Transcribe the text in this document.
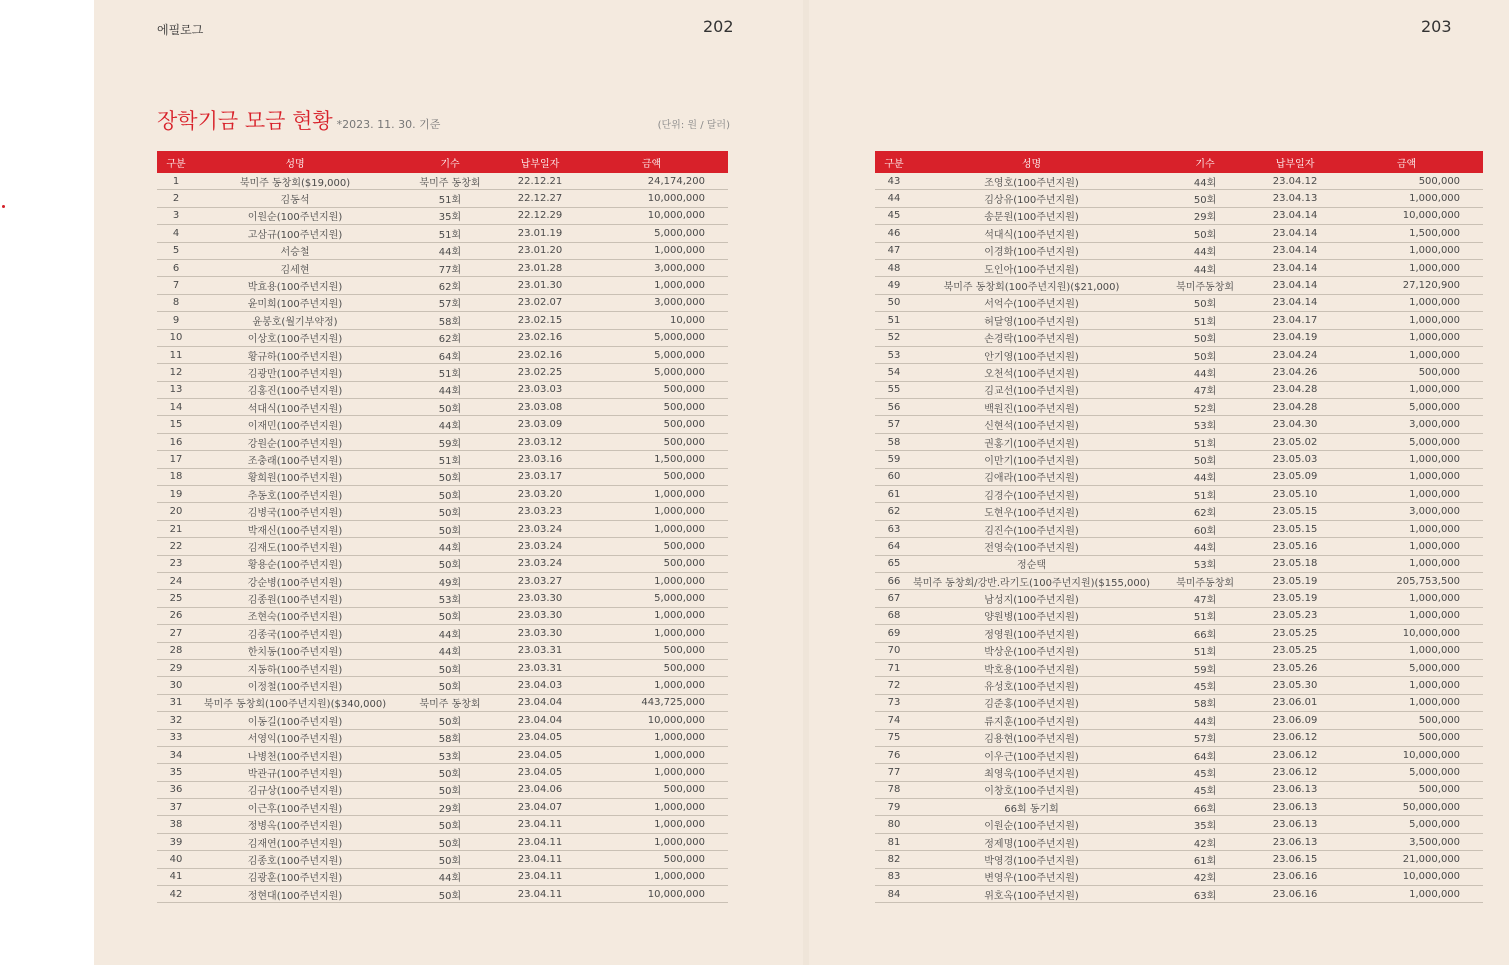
에필로그	202	203
장학기금 모금 현황 *2023. 11. 30. 기준	(단위: 원 / 달러)
구분	성명	기수	납부일자	금액
1	북미주 동창회($19,000)	북미주 동창회	22.12.21	24,174,200
2	김동석	51회	22.12.27	10,000,000
3	이원순(100주년지원)	35회	22.12.29	10,000,000
4	고삼규(100주년지원)	51회	23.01.19	5,000,000
5	서승철	44회	23.01.20	1,000,000
6	김세현	77회	23.01.28	3,000,000
7	박효용(100주년지원)	62회	23.01.30	1,000,000
8	윤미희(100주년지원)	57회	23.02.07	3,000,000
9	윤봉호(월기부약정)	58회	23.02.15	10,000
10	이상호(100주년지원)	62회	23.02.16	5,000,000
11	황규하(100주년지원)	64회	23.02.16	5,000,000
12	김광만(100주년지원)	51회	23.02.25	5,000,000
13	김홍진(100주년지원)	44회	23.03.03	500,000
14	석대식(100주년지원)	50회	23.03.08	500,000
15	이재민(100주년지원)	44회	23.03.09	500,000
16	강원순(100주년지원)	59회	23.03.12	500,000
17	조충래(100주년지원)	51회	23.03.16	1,500,000
18	황희원(100주년지원)	50회	23.03.17	500,000
19	추동호(100주년지원)	50회	23.03.20	1,000,000
20	김병국(100주년지원)	50회	23.03.23	1,000,000
21	박재신(100주년지원)	50회	23.03.24	1,000,000
22	김재도(100주년지원)	44회	23.03.24	500,000
23	황용순(100주년지원)	50회	23.03.24	500,000
24	강순병(100주년지원)	49회	23.03.27	1,000,000
25	김종원(100주년지원)	53회	23.03.30	5,000,000
26	조현숙(100주년지원)	50회	23.03.30	1,000,000
27	김종국(100주년지원)	44회	23.03.30	1,000,000
28	한치동(100주년지원)	44회	23.03.31	500,000
29	지동하(100주년지원)	50회	23.03.31	500,000
30	이정철(100주년지원)	50회	23.04.03	1,000,000
31	북미주 동창회(100주년지원)($340,000)	북미주 동창회	23.04.04	443,725,000
32	이동길(100주년지원)	50회	23.04.04	10,000,000
33	서영익(100주년지원)	58회	23.04.05	1,000,000
34	나병천(100주년지원)	53회	23.04.05	1,000,000
35	박관규(100주년지원)	50회	23.04.05	1,000,000
36	김규상(100주년지원)	50회	23.04.06	500,000
37	이근후(100주년지원)	29회	23.04.07	1,000,000
38	정병옥(100주년지원)	50회	23.04.11	1,000,000
39	김재연(100주년지원)	50회	23.04.11	1,000,000
40	김종호(100주년지원)	50회	23.04.11	500,000
41	김광훈(100주년지원)	44회	23.04.11	1,000,000
42	정현대(100주년지원)	50회	23.04.11	10,000,000
구분	성명	기수	납부일자	금액
43	조영호(100주년지원)	44회	23.04.12	500,000
44	김상유(100주년지원)	50회	23.04.13	1,000,000
45	송문원(100주년지원)	29회	23.04.14	10,000,000
46	석대식(100주년지원)	50회	23.04.14	1,500,000
47	이경화(100주년지원)	44회	23.04.14	1,000,000
48	도인아(100주년지원)	44회	23.04.14	1,000,000
49	북미주 동창회(100주년지원)($21,000)	북미주동창회	23.04.14	27,120,900
50	서억수(100주년지원)	50회	23.04.14	1,000,000
51	허달영(100주년지원)	51회	23.04.17	1,000,000
52	손경락(100주년지원)	50회	23.04.19	1,000,000
53	안기영(100주년지원)	50회	23.04.24	1,000,000
54	오천석(100주년지원)	44회	23.04.26	500,000
55	김교선(100주년지원)	47회	23.04.28	1,000,000
56	백원진(100주년지원)	52회	23.04.28	5,000,000
57	신현석(100주년지원)	53회	23.04.30	3,000,000
58	권홍기(100주년지원)	51회	23.05.02	5,000,000
59	이만기(100주년지원)	50회	23.05.03	1,000,000
60	김애라(100주년지원)	44회	23.05.09	1,000,000
61	김경수(100주년지원)	51회	23.05.10	1,000,000
62	도현우(100주년지원)	62회	23.05.15	3,000,000
63	김진수(100주년지원)	60회	23.05.15	1,000,000
64	전영숙(100주년지원)	44회	23.05.16	1,000,000
65	정순택	53회	23.05.18	1,000,000
66	북미주 동창회/강반.라기도(100주년지원)($155,000)	북미주동창회	23.05.19	205,753,500
67	남성지(100주년지원)	47회	23.05.19	1,000,000
68	양원병(100주년지원)	51회	23.05.23	1,000,000
69	정영원(100주년지원)	66회	23.05.25	10,000,000
70	박상운(100주년지원)	51회	23.05.25	1,000,000
71	박호용(100주년지원)	59회	23.05.26	5,000,000
72	유성호(100주년지원)	45회	23.05.30	1,000,000
73	김준홍(100주년지원)	58회	23.06.01	1,000,000
74	류지훈(100주년지원)	44회	23.06.09	500,000
75	김용현(100주년지원)	57회	23.06.12	500,000
76	이우근(100주년지원)	64회	23.06.12	10,000,000
77	최영욱(100주년지원)	45회	23.06.12	5,000,000
78	이창호(100주년지원)	45회	23.06.13	500,000
79	66회 동기회	66회	23.06.13	50,000,000
80	이원순(100주년지원)	35회	23.06.13	5,000,000
81	정제명(100주년지원)	42회	23.06.13	3,500,000
82	박영경(100주년지원)	61회	23.06.15	21,000,000
83	변영우(100주년지원)	42회	23.06.16	10,000,000
84	위호옥(100주년지원)	63회	23.06.16	1,000,000
